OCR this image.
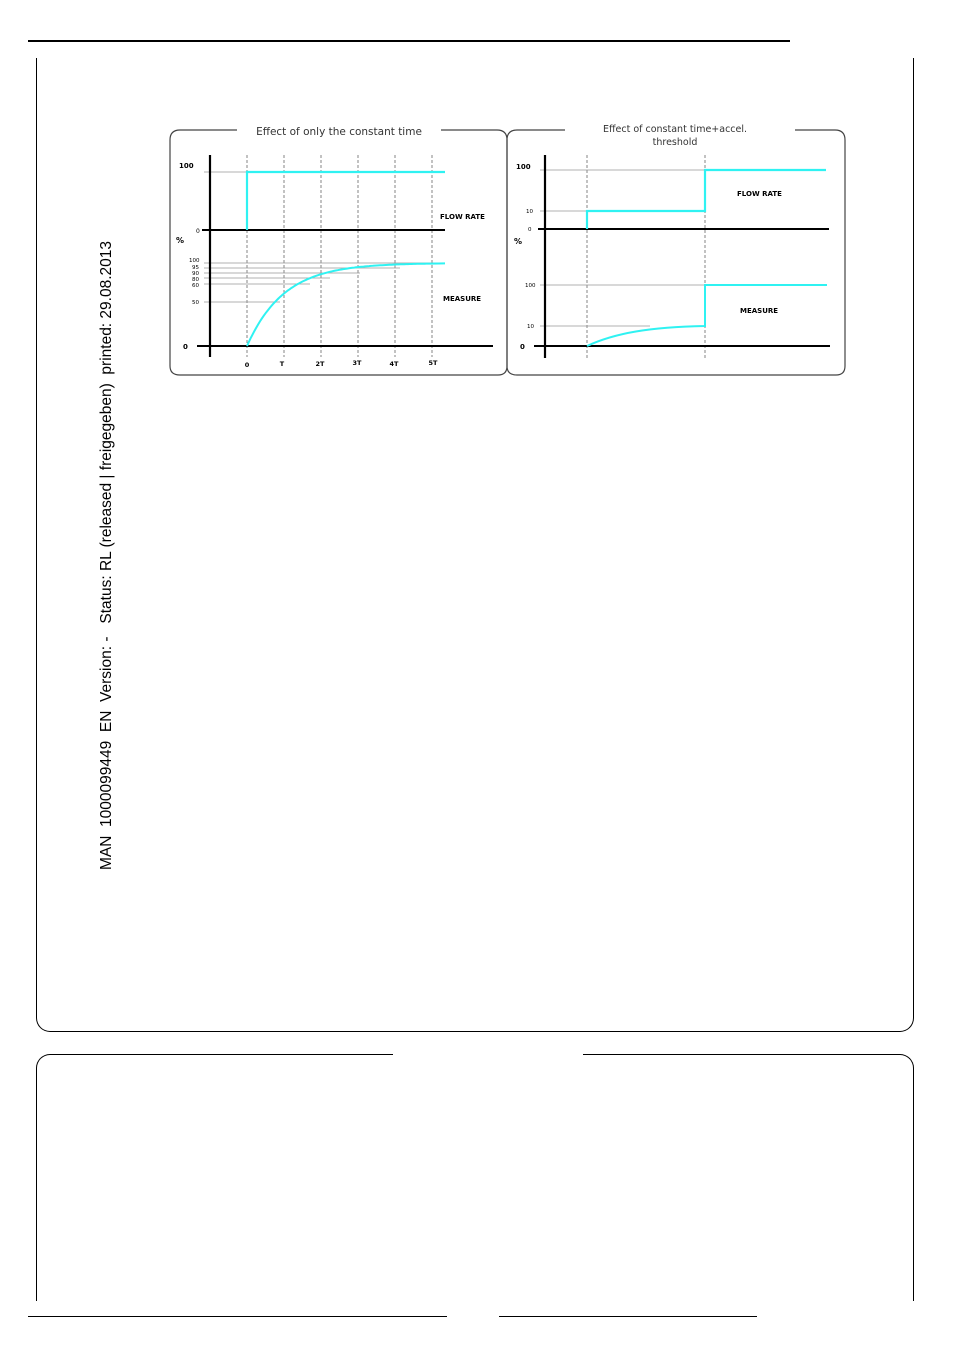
MAN  1000099449  EN  Version: -   Status: RL (released | freigegeben)  printed: 29.08.2013
Effect of only the constant time
100
0
%
100
95
90
80
60
50
0
FLOW RATE
MEASURE
0	T	2T	3T	4T	5T
Effect of constant time+accel.
threshold
100
10
0
%
100
10
0
FLOW RATE
MEASURE
